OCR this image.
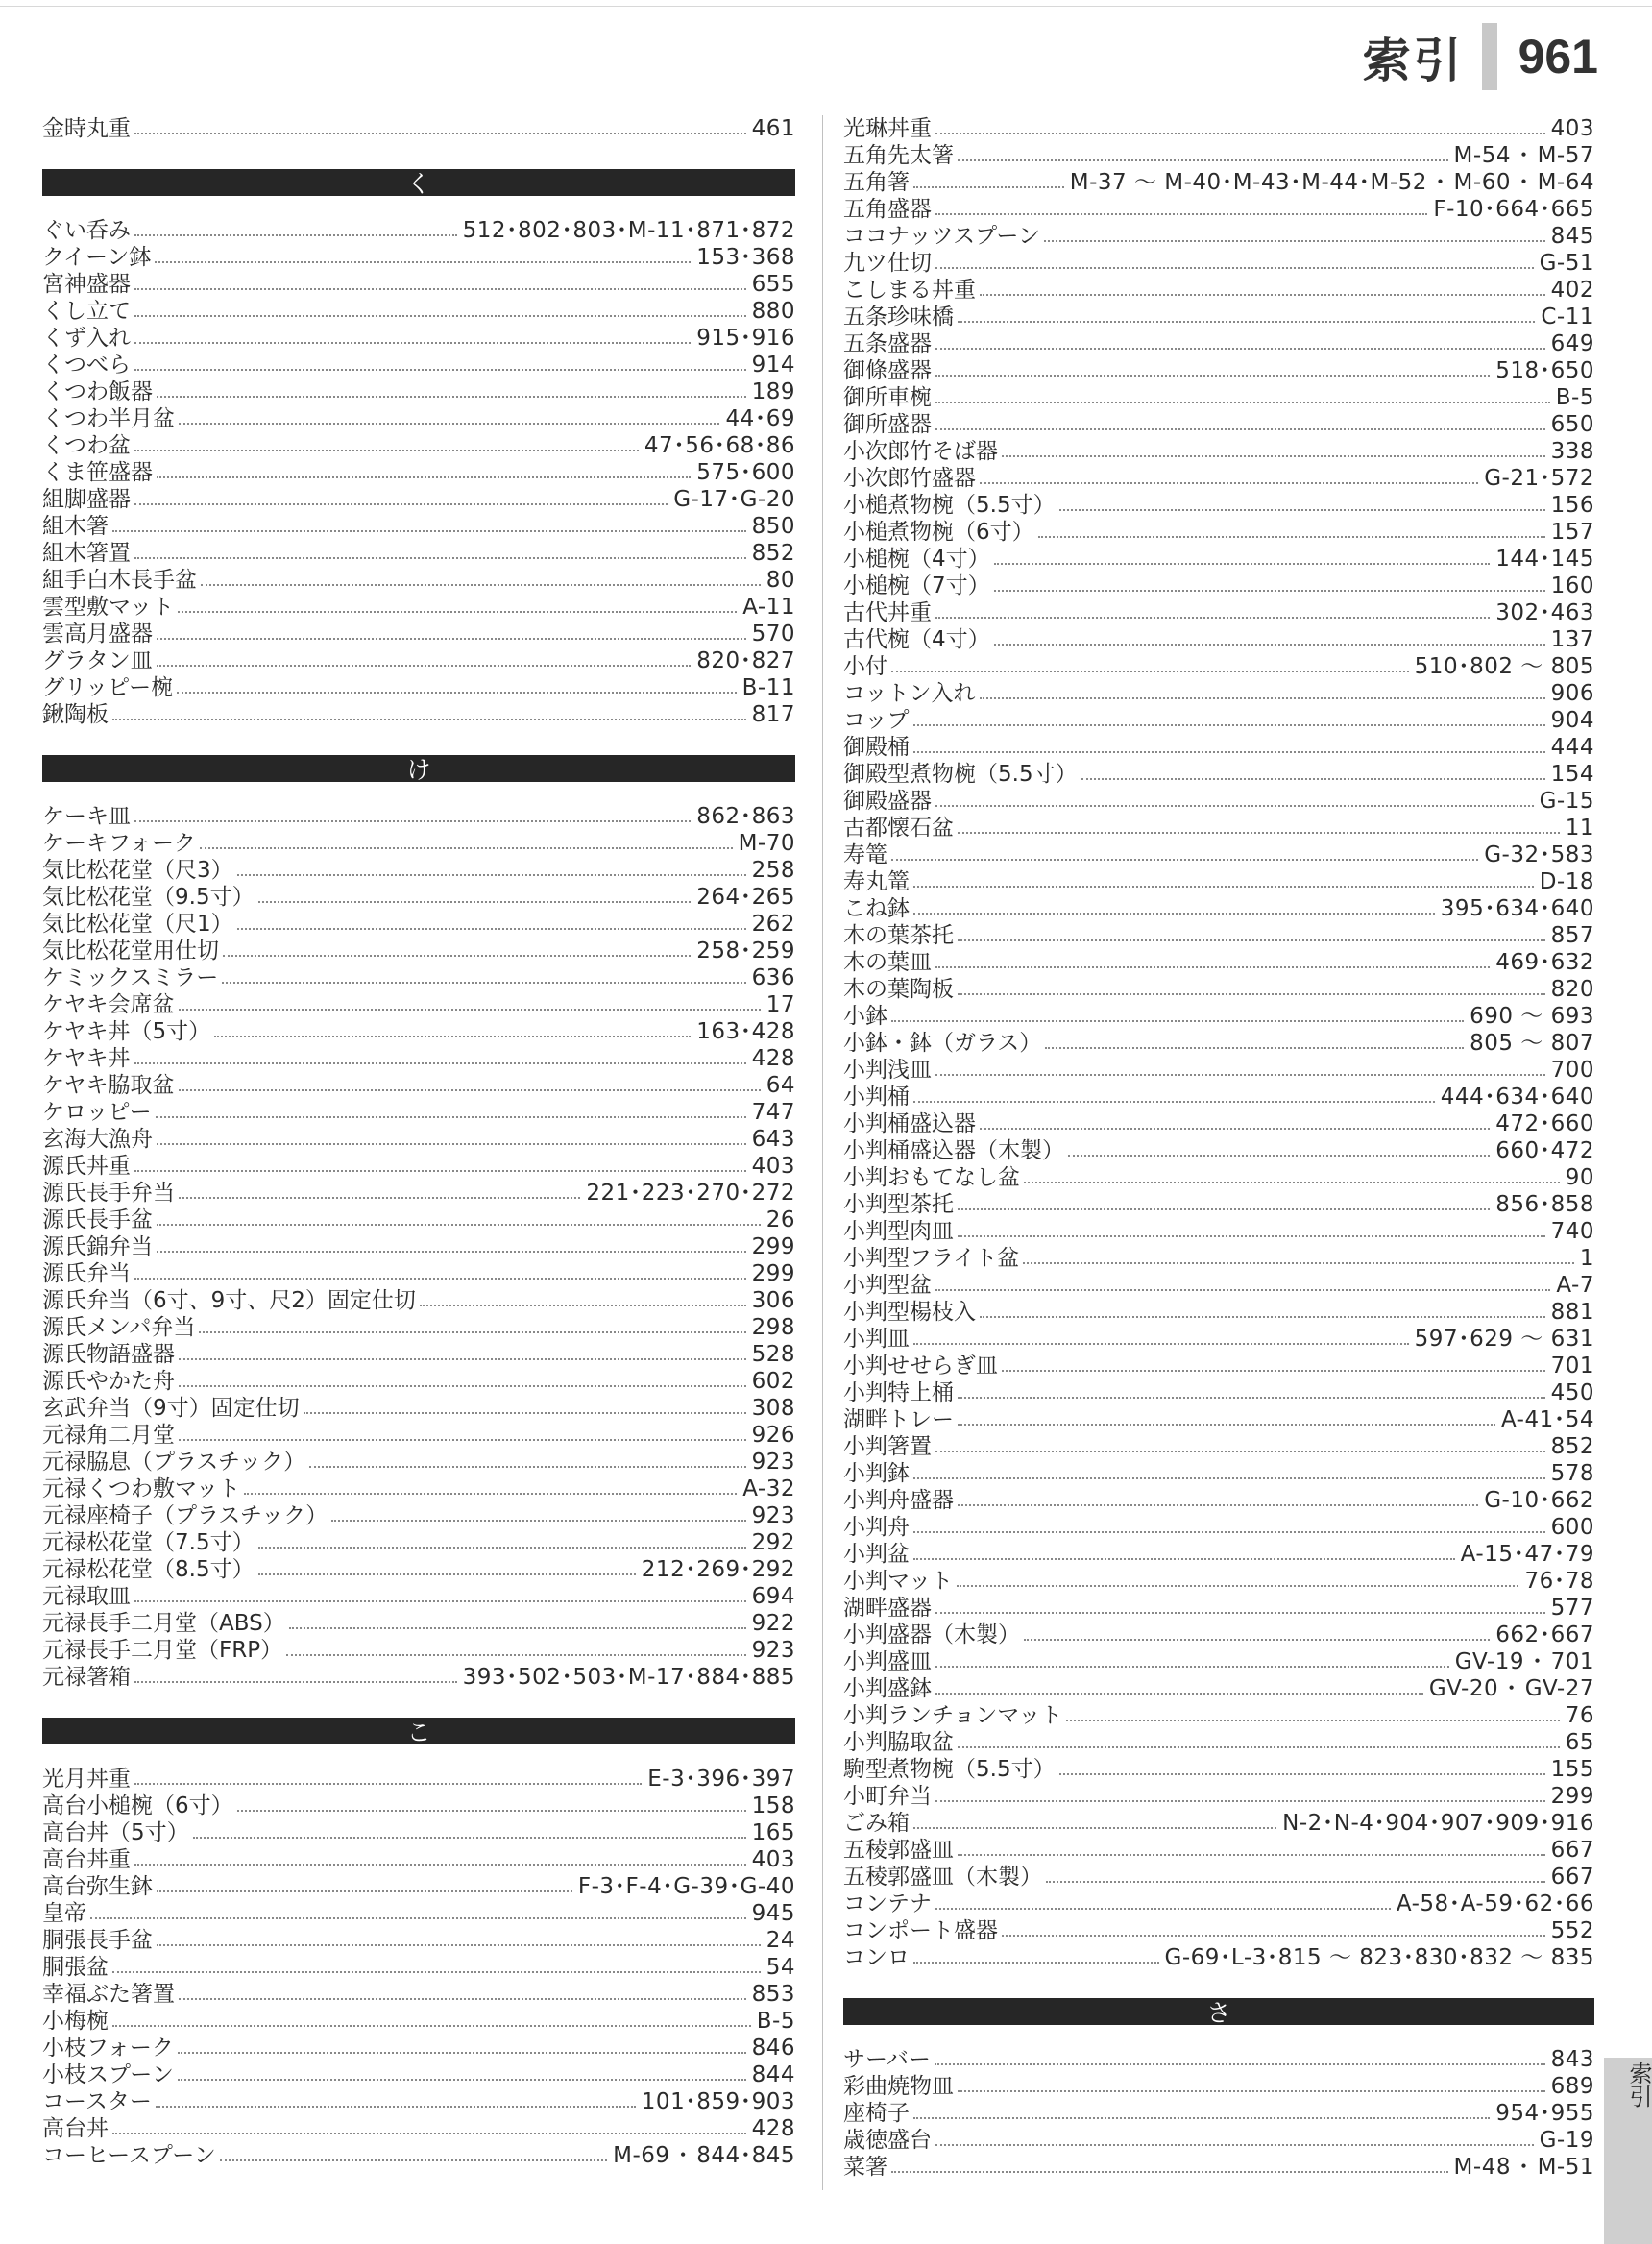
索引 961
金時丸重	461
く
ぐい呑み	512･802･803･M-11･871･872
クイーン鉢	153･368
宮神盛器	655
くし立て	880
くず入れ	915･916
くつべら	914
くつわ飯器	189
くつわ半月盆	44･69
くつわ盆	47･56･68･86
くま笹盛器	575･600
組脚盛器	G-17･G-20
組木箸	850
組木箸置	852
組手白木長手盆	80
雲型敷マット	A-11
雲高月盛器	570
グラタン皿	820･827
グリッピー椀	B-11
鍬陶板	817
け
ケーキ皿	862･863
ケーキフォーク	M-70
気比松花堂（尺3）	258
気比松花堂（9.5寸）	264･265
気比松花堂（尺1）	262
気比松花堂用仕切	258･259
ケミックスミラー	636
ケヤキ会席盆	17
ケヤキ丼（5寸）	163･428
ケヤキ丼	428
ケヤキ脇取盆	64
ケロッピー	747
玄海大漁舟	643
源氏丼重	403
源氏長手弁当	221･223･270･272
源氏長手盆	26
源氏錦弁当	299
源氏弁当	299
源氏弁当（6寸、9寸、尺2）固定仕切	306
源氏メンパ弁当	298
源氏物語盛器	528
源氏やかた舟	602
玄武弁当（9寸）固定仕切	308
元禄角二月堂	926
元禄脇息（プラスチック）	923
元禄くつわ敷マット	A-32
元禄座椅子（プラスチック）	923
元禄松花堂（7.5寸）	292
元禄松花堂（8.5寸）	212･269･292
元禄取皿	694
元禄長手二月堂（ABS）	922
元禄長手二月堂（FRP）	923
元禄箸箱	393･502･503･M-17･884･885
こ
光月丼重	E-3･396･397
高台小槌椀（6寸）	158
高台丼（5寸）	165
高台丼重	403
高台弥生鉢	F-3･F-4･G-39･G-40
皇帝	945
胴張長手盆	24
胴張盆	54
幸福ぶた箸置	853
小梅椀	B-5
小枝フォーク	846
小枝スプーン	844
コースター	101･859･903
高台丼	428
コーヒースプーン	M-69 ･ 844･845
光琳丼重	403
五角先太箸	M-54 ･ M-57
五角箸	M-37 ～ M-40･M-43･M-44･M-52 ･ M-60 ･ M-64
五角盛器	F-10･664･665
ココナッツスプーン	845
九ツ仕切	G-51
こしまる丼重	402
五条珍味橋	C-11
五条盛器	649
御條盛器	518･650
御所車椀	B-5
御所盛器	650
小次郎竹そば器	338
小次郎竹盛器	G-21･572
小槌煮物椀（5.5寸）	156
小槌煮物椀（6寸）	157
小槌椀（4寸）	144･145
小槌椀（7寸）	160
古代丼重	302･463
古代椀（4寸）	137
小付	510･802 ～ 805
コットン入れ	906
コップ	904
御殿桶	444
御殿型煮物椀（5.5寸）	154
御殿盛器	G-15
古都懐石盆	11
寿篭	G-32･583
寿丸篭	D-18
こね鉢	395･634･640
木の葉茶托	857
木の葉皿	469･632
木の葉陶板	820
小鉢	690 ～ 693
小鉢・鉢（ガラス）	805 ～ 807
小判浅皿	700
小判桶	444･634･640
小判桶盛込器	472･660
小判桶盛込器（木製）	660･472
小判おもてなし盆	90
小判型茶托	856･858
小判型肉皿	740
小判型フライト盆	1
小判型盆	A-7
小判型楊枝入	881
小判皿	597･629 ～ 631
小判せせらぎ皿	701
小判特上桶	450
湖畔トレー	A-41･54
小判箸置	852
小判鉢	578
小判舟盛器	G-10･662
小判舟	600
小判盆	A-15･47･79
小判マット	76･78
湖畔盛器	577
小判盛器（木製）	662･667
小判盛皿	GV-19 ･ 701
小判盛鉢	GV-20 ･ GV-27
小判ランチョンマット	76
小判脇取盆	65
駒型煮物椀（5.5寸）	155
小町弁当	299
ごみ箱	N-2･N-4･904･907･909･916
五稜郭盛皿	667
五稜郭盛皿（木製）	667
コンテナ	A-58･A-59･62･66
コンポート盛器	552
コンロ	G-69･L-3･815 ～ 823･830･832 ～ 835
さ
サーバー	843
彩曲焼物皿	689
座椅子	954･955
歳徳盛台	G-19
菜箸	M-48 ･ M-51
索引
